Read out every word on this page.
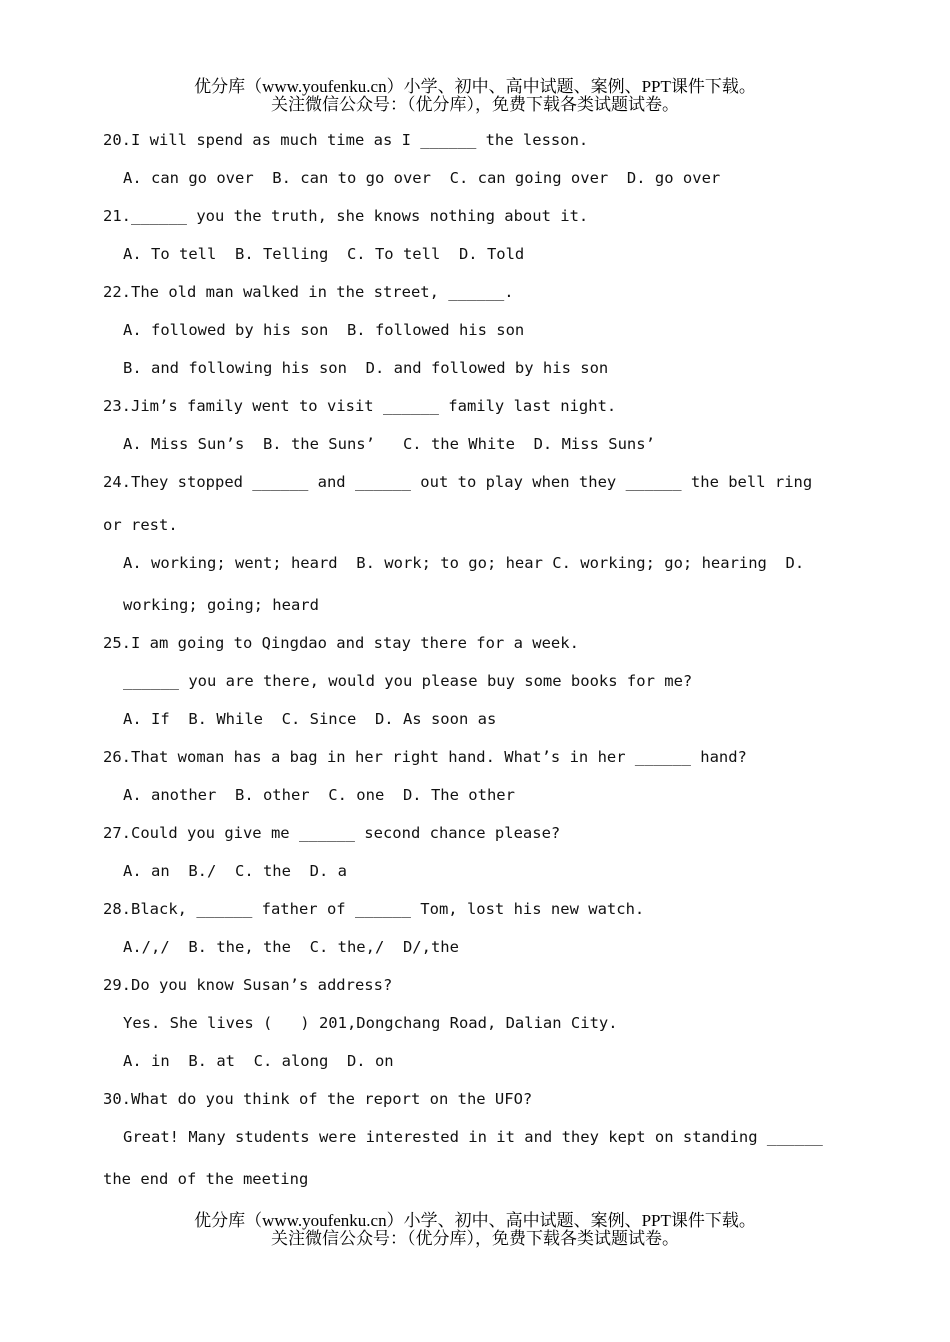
优分库（www.youfenku.cn）小学、初中、高中试题、案例、PPT课件下载。
关注微信公众号：（优分库），免费下载各类试题试卷。
20.I will spend as much time as I ______ the lesson.
A. can go over  B. can to go over  C. can going over  D. go over
21.______ you the truth, she knows nothing about it.
A. To tell  B. Telling  C. To tell  D. Told
22.The old man walked in the street, ______.
A. followed by his son  B. followed his son
B. and following his son  D. and followed by his son
23.Jim’s family went to visit ______ family last night.
A. Miss Sun’s  B. the Suns’   C. the White  D. Miss Suns’
24.They stopped ______ and ______ out to play when they ______ the bell ring
or rest.
A. working; went; heard  B. work; to go; hear C. working; go; hearing  D.
working; going; heard
25.I am going to Qingdao and stay there for a week.
______ you are there, would you please buy some books for me?
A. If  B. While  C. Since  D. As soon as
26.That woman has a bag in her right hand. What’s in her ______ hand?
A. another  B. other  C. one  D. The other
27.Could you give me ______ second chance please?
A. an  B./  C. the  D. a
28.Black, ______ father of ______ Tom, lost his new watch.
A./,/  B. the, the  C. the,/  D/,the
29.Do you know Susan’s address?
Yes. She lives (   ) 201,Dongchang Road, Dalian City.
A. in  B. at  C. along  D. on
30.What do you think of the report on the UFO?
Great! Many students were interested in it and they kept on standing ______
the end of the meeting
优分库（www.youfenku.cn）小学、初中、高中试题、案例、PPT课件下载。
关注微信公众号：（优分库），免费下载各类试题试卷。
